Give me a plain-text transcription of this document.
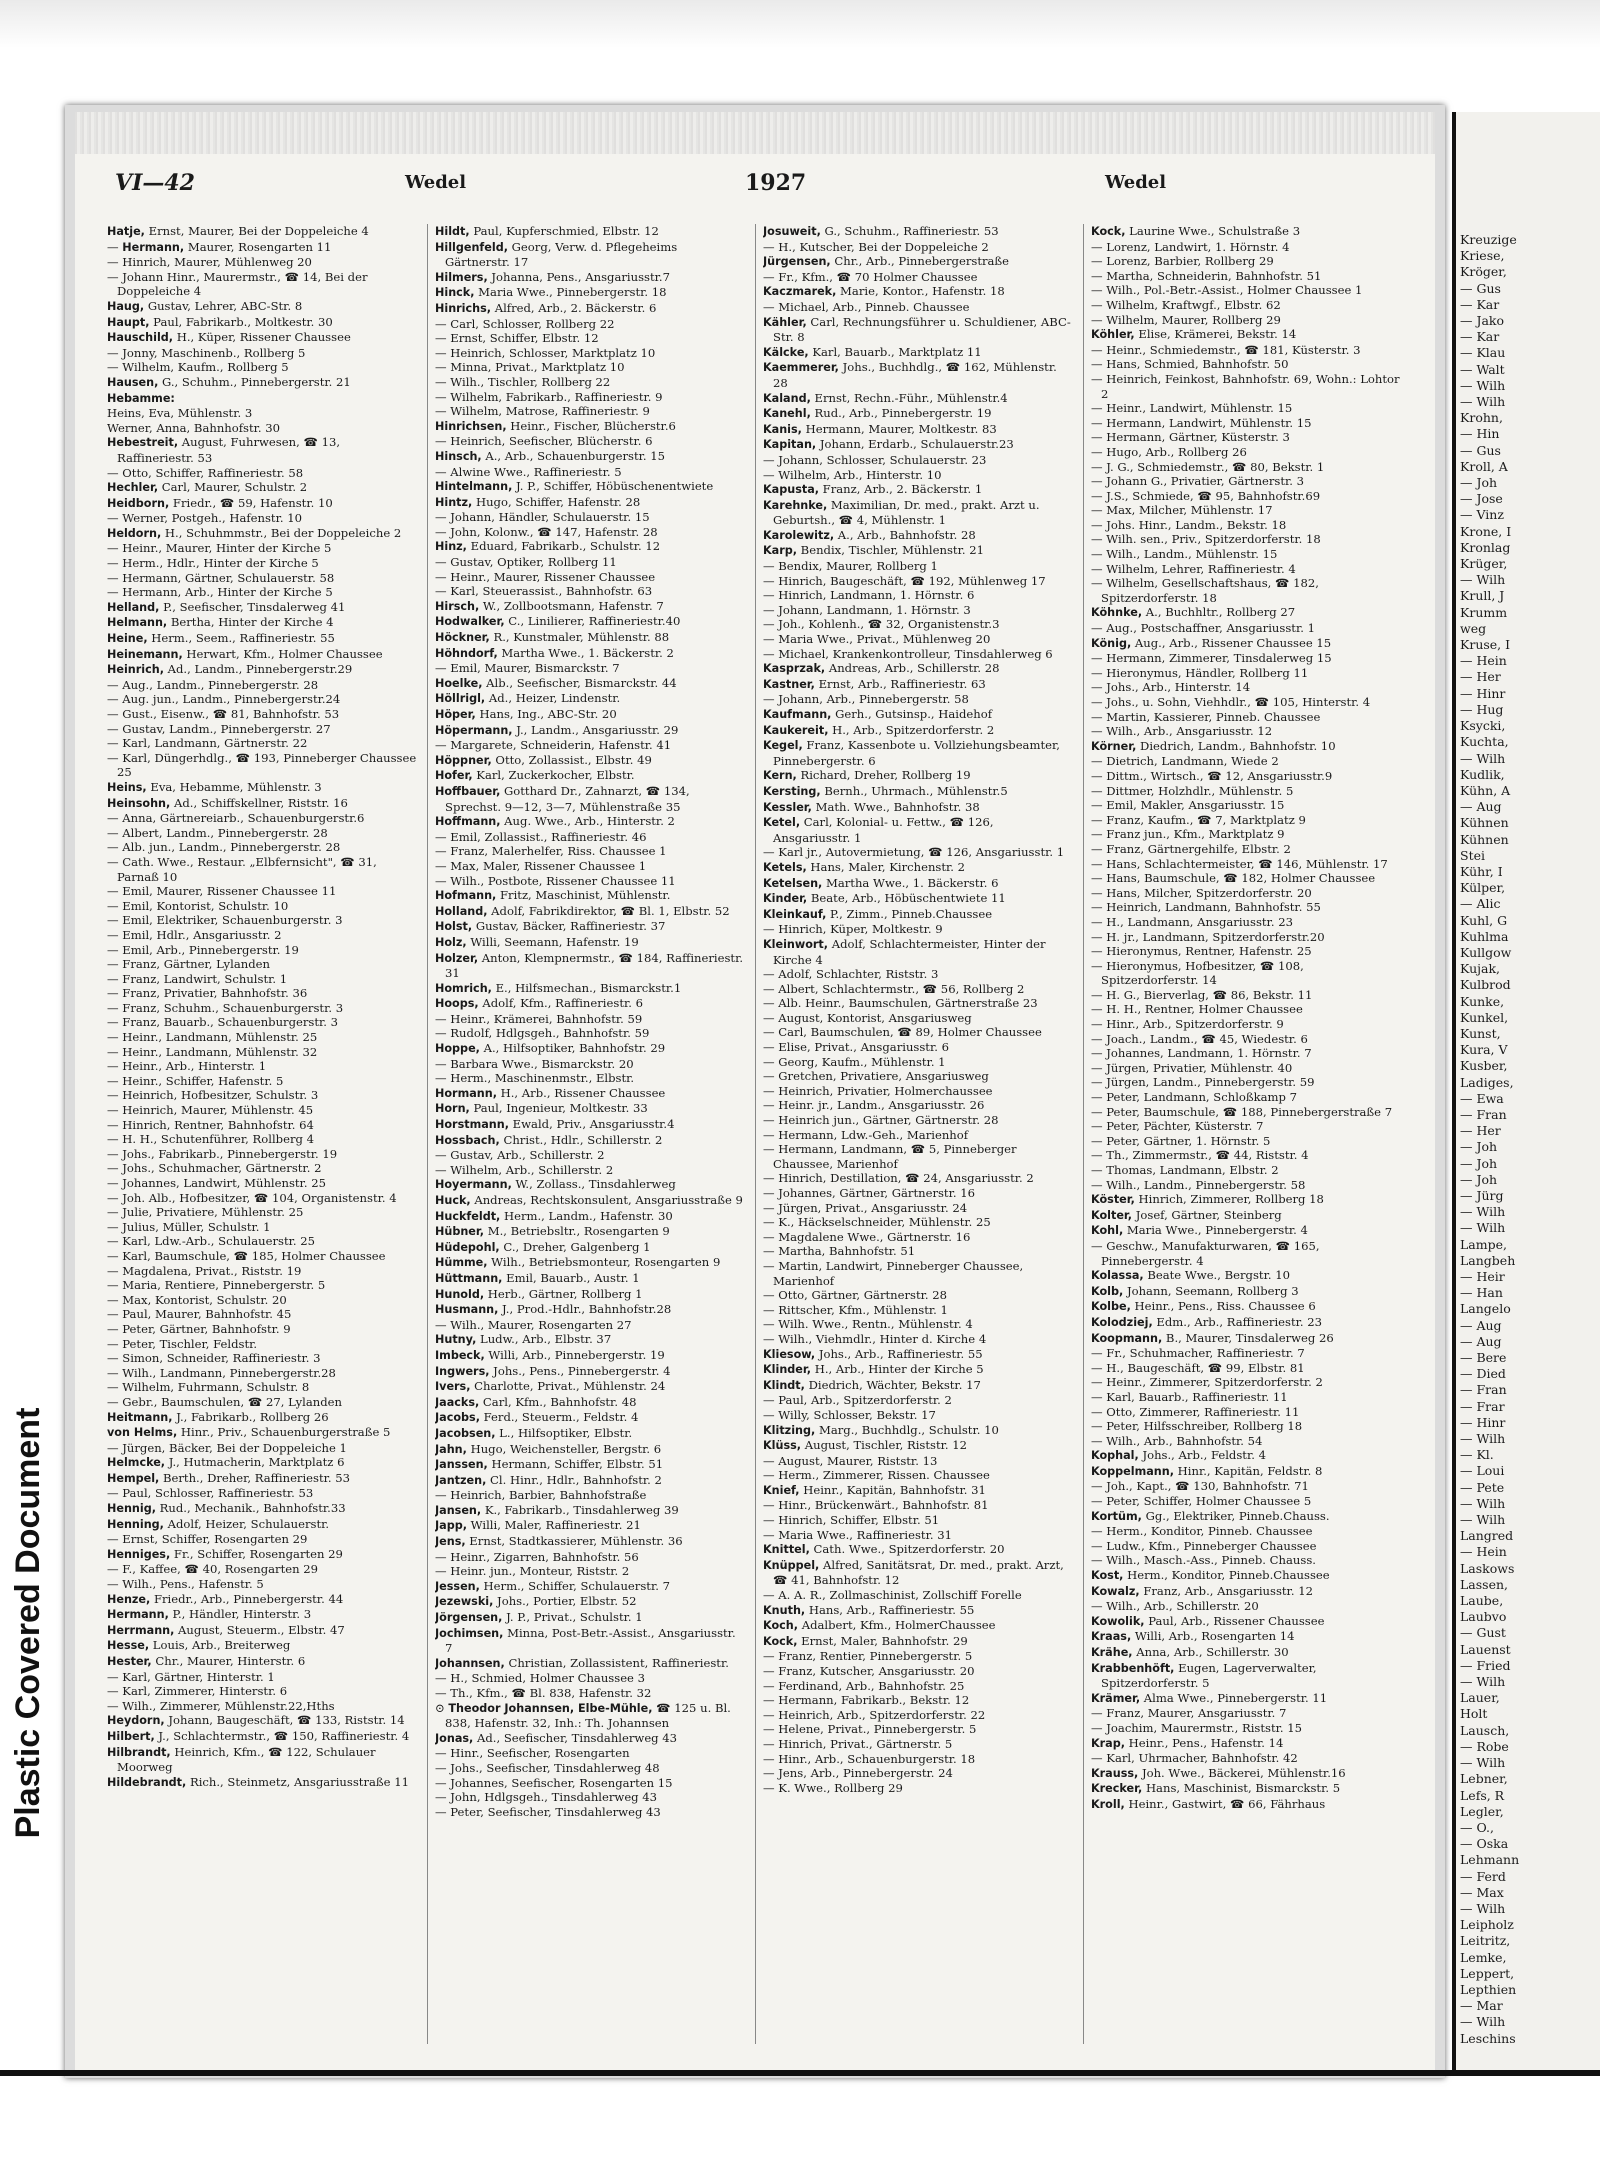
VI—42	Wedel	1927	Wedel

Hatje, Ernst, Maurer, Bei der Doppeleiche 4

— Hermann, Maurer, Rosengarten 11

— Hinrich, Maurer, Mühlenweg 20

— Johann Hinr., Maurermstr., ☎ 14, Bei der Doppeleiche 4

Haug, Gustav, Lehrer, ABC-Str. 8

Haupt, Paul, Fabrikarb., Moltkestr. 30

Hauschild, H., Küper, Rissener Chaussee

— Jonny, Maschinenb., Rollberg 5

— Wilhelm, Kaufm., Rollberg 5

Hausen, G., Schuhm., Pinnebergerstr. 21

Hebamme:

Heins, Eva, Mühlenstr. 3

Werner, Anna, Bahnhofstr. 30

Hebestreit, August, Fuhrwesen, ☎ 13, Raffineriestr. 53

— Otto, Schiffer, Raffineriestr. 58

Hechler, Carl, Maurer, Schulstr. 2

Heidborn, Friedr., ☎ 59, Hafenstr. 10

— Werner, Postgeh., Hafenstr. 10

Heldorn, H., Schuhmmstr., Bei der Doppeleiche 2

— Heinr., Maurer, Hinter der Kirche 5

— Herm., Hdlr., Hinter der Kirche 5

— Hermann, Gärtner, Schulauerstr. 58

— Hermann, Arb., Hinter der Kirche 5

Helland, P., Seefischer, Tinsdalerweg 41

Helmann, Bertha, Hinter der Kirche 4

Heine, Herm., Seem., Raffineriestr. 55

Heinemann, Herwart, Kfm., Holmer Chaussee

Heinrich, Ad., Landm., Pinnebergerstr.29

— Aug., Landm., Pinnebergerstr. 28

— Aug. jun., Landm., Pinnebergerstr.24

— Gust., Eisenw., ☎ 81, Bahnhofstr. 53

— Gustav, Landm., Pinnebergerstr. 27

— Karl, Landmann, Gärtnerstr. 22

— Karl, Düngerhdlg., ☎ 193, Pinneberger Chaussee 25

Heins, Eva, Hebamme, Mühlenstr. 3

Heinsohn, Ad., Schiffskellner, Riststr. 16

— Anna, Gärtnereiarb., Schauenburgerstr.6

— Albert, Landm., Pinnebergerstr. 28

— Alb. jun., Landm., Pinnebergerstr. 28

— Cath. Wwe., Restaur. „Elbfernsicht", ☎ 31, Parnaß 10

— Emil, Maurer, Rissener Chaussee 11

— Emil, Kontorist, Schulstr. 10

— Emil, Elektriker, Schauenburgerstr. 3

— Emil, Hdlr., Ansgariusstr. 2

— Emil, Arb., Pinnebergerstr. 19

— Franz, Gärtner, Lylanden

— Franz, Landwirt, Schulstr. 1

— Franz, Privatier, Bahnhofstr. 36

— Franz, Schuhm., Schauenburgerstr. 3

— Franz, Bauarb., Schauenburgerstr. 3

— Heinr., Landmann, Mühlenstr. 25

— Heinr., Landmann, Mühlenstr. 32

— Heinr., Arb., Hinterstr. 1

— Heinr., Schiffer, Hafenstr. 5

— Heinrich, Hofbesitzer, Schulstr. 3

— Heinrich, Maurer, Mühlenstr. 45

— Hinrich, Rentner, Bahnhofstr. 64

— H. H., Schutenführer, Rollberg 4

— Johs., Fabrikarb., Pinnebergerstr. 19

— Johs., Schuhmacher, Gärtnerstr. 2

— Johannes, Landwirt, Mühlenstr. 25

— Joh. Alb., Hofbesitzer, ☎ 104, Organistenstr. 4

— Julie, Privatiere, Mühlenstr. 25

— Julius, Müller, Schulstr. 1

— Karl, Ldw.-Arb., Schulauerstr. 25

— Karl, Baumschule, ☎ 185, Holmer Chaussee

— Magdalena, Privat., Riststr. 19

— Maria, Rentiere, Pinnebergerstr. 5

— Max, Kontorist, Schulstr. 20

— Paul, Maurer, Bahnhofstr. 45

— Peter, Gärtner, Bahnhofstr. 9

— Peter, Tischler, Feldstr.

— Simon, Schneider, Raffineriestr. 3

— Wilh., Landmann, Pinnebergerstr.28

— Wilhelm, Fuhrmann, Schulstr. 8

— Gebr., Baumschulen, ☎ 27, Lylanden

Heitmann, J., Fabrikarb., Rollberg 26

von Helms, Hinr., Priv., Schauenburgerstraße 5

— Jürgen, Bäcker, Bei der Doppeleiche 1

Helmcke, J., Hutmacherin, Marktplatz 6

Hempel, Berth., Dreher, Raffineriestr. 53

— Paul, Schlosser, Raffineriestr. 53

Hennig, Rud., Mechanik., Bahnhofstr.33

Henning, Adolf, Heizer, Schulauerstr.

— Ernst, Schiffer, Rosengarten 29

Henniges, Fr., Schiffer, Rosengarten 29

— F., Kaffee, ☎ 40, Rosengarten 29

— Wilh., Pens., Hafenstr. 5

Henze, Friedr., Arb., Pinnebergerstr. 44

Hermann, P., Händler, Hinterstr. 3

Herrmann, August, Steuerm., Elbstr. 47

Hesse, Louis, Arb., Breiterweg

Hester, Chr., Maurer, Hinterstr. 6

— Karl, Gärtner, Hinterstr. 1

— Karl, Zimmerer, Hinterstr. 6

— Wilh., Zimmerer, Mühlenstr.22,Hths

Heydorn, Johann, Baugeschäft, ☎ 133, Riststr. 14

Hilbert, J., Schlachtermstr., ☎ 150, Raffineriestr. 4

Hilbrandt, Heinrich, Kfm., ☎ 122, Schulauer Moorweg

Hildebrandt, Rich., Steinmetz, Ansgariusstraße 11

Hildt, Paul, Kupferschmied, Elbstr. 12

Hillgenfeld, Georg, Verw. d. Pflegeheims Gärtnerstr. 17

Hilmers, Johanna, Pens., Ansgariusstr.7

Hinck, Maria Wwe., Pinnebergerstr. 18

Hinrichs, Alfred, Arb., 2. Bäckerstr. 6

— Carl, Schlosser, Rollberg 22

— Ernst, Schiffer, Elbstr. 12

— Heinrich, Schlosser, Marktplatz 10

— Minna, Privat., Marktplatz 10

— Wilh., Tischler, Rollberg 22

— Wilhelm, Fabrikarb., Raffineriestr. 9

— Wilhelm, Matrose, Raffineriestr. 9

Hinrichsen, Heinr., Fischer, Blücherstr.6

— Heinrich, Seefischer, Blücherstr. 6

Hinsch, A., Arb., Schauenburgerstr. 15

— Alwine Wwe., Raffineriestr. 5

Hintelmann, J. P., Schiffer, Höbüschenentwiete

Hintz, Hugo, Schiffer, Hafenstr. 28

— Johann, Händler, Schulauerstr. 15

— John, Kolonw., ☎ 147, Hafenstr. 28

Hinz, Eduard, Fabrikarb., Schulstr. 12

— Gustav, Optiker, Rollberg 11

— Heinr., Maurer, Rissener Chaussee

— Karl, Steuerassist., Bahnhofstr. 63

Hirsch, W., Zollbootsmann, Hafenstr. 7

Hodwalker, C., Linilierer, Raffineriestr.40

Höckner, R., Kunstmaler, Mühlenstr. 88

Höhndorf, Martha Wwe., 1. Bäckerstr. 2

— Emil, Maurer, Bismarckstr. 7

Hoelke, Alb., Seefischer, Bismarckstr. 44

Höllrigl, Ad., Heizer, Lindenstr.

Höper, Hans, Ing., ABC-Str. 20

Höpermann, J., Landm., Ansgariusstr. 29

— Margarete, Schneiderin, Hafenstr. 41

Höppner, Otto, Zollassist., Elbstr. 49

Hofer, Karl, Zuckerkocher, Elbstr.

Hoffbauer, Gotthard Dr., Zahnarzt, ☎ 134, Sprechst. 9—12, 3—7, Mühlenstraße 35

Hoffmann, Aug. Wwe., Arb., Hinterstr. 2

— Emil, Zollassist., Raffineriestr. 46

— Franz, Malerhelfer, Riss. Chaussee 1

— Max, Maler, Rissener Chaussee 1

— Wilh., Postbote, Rissener Chaussee 11

Hofmann, Fritz, Maschinist, Mühlenstr.

Holland, Adolf, Fabrikdirektor, ☎ Bl. 1, Elbstr. 52

Holst, Gustav, Bäcker, Raffineriestr. 37

Holz, Willi, Seemann, Hafenstr. 19

Holzer, Anton, Klempnermstr., ☎ 184, Raffineriestr. 31

Homrich, E., Hilfsmechan., Bismarckstr.1

Hoops, Adolf, Kfm., Raffineriestr. 6

— Heinr., Krämerei, Bahnhofstr. 59

— Rudolf, Hdlgsgeh., Bahnhofstr. 59

Hoppe, A., Hilfsoptiker, Bahnhofstr. 29

— Barbara Wwe., Bismarckstr. 20

— Herm., Maschinenmstr., Elbstr.

Hormann, H., Arb., Rissener Chaussee

Horn, Paul, Ingenieur, Moltkestr. 33

Horstmann, Ewald, Priv., Ansgariusstr.4

Hossbach, Christ., Hdlr., Schillerstr. 2

— Gustav, Arb., Schillerstr. 2

— Wilhelm, Arb., Schillerstr. 2

Hoyermann, W., Zollass., Tinsdahlerweg

Huck, Andreas, Rechtskonsulent, Ansgariusstraße 9

Huckfeldt, Herm., Landm., Hafenstr. 30

Hübner, M., Betriebsltr., Rosengarten 9

Hüdepohl, C., Dreher, Galgenberg 1

Hümme, Wilh., Betriebsmonteur, Rosengarten 9

Hüttmann, Emil, Bauarb., Austr. 1

Hunold, Herb., Gärtner, Rollberg 1

Husmann, J., Prod.-Hdlr., Bahnhofstr.28

— Wilh., Maurer, Rosengarten 27

Hutny, Ludw., Arb., Elbstr. 37

Imbeck, Willi, Arb., Pinnebergerstr. 19

Ingwers, Johs., Pens., Pinnebergerstr. 4

Ivers, Charlotte, Privat., Mühlenstr. 24

Jaacks, Carl, Kfm., Bahnhofstr. 48

Jacobs, Ferd., Steuerm., Feldstr. 4

Jacobsen, L., Hilfsoptiker, Elbstr.

Jahn, Hugo, Weichensteller, Bergstr. 6

Janssen, Hermann, Schiffer, Elbstr. 51

Jantzen, Cl. Hinr., Hdlr., Bahnhofstr. 2

— Heinrich, Barbier, Bahnhofstraße

Jansen, K., Fabrikarb., Tinsdahlerweg 39

Japp, Willi, Maler, Raffineriestr. 21

Jens, Ernst, Stadtkassierer, Mühlenstr. 36

— Heinr., Zigarren, Bahnhofstr. 56

— Heinr. jun., Monteur, Riststr. 2

Jessen, Herm., Schiffer, Schulauerstr. 7

Jezewski, Johs., Portier, Elbstr. 52

Jörgensen, J. P., Privat., Schulstr. 1

Jochimsen, Minna, Post-Betr.-Assist., Ansgariusstr. 7

Johannsen, Christian, Zollassistent, Raffineriestr.

— H., Schmied, Holmer Chaussee 3

— Th., Kfm., ☎ Bl. 838, Hafenstr. 32

⊙ Theodor Johannsen, Elbe-Mühle, ☎ 125 u. Bl. 838, Hafenstr. 32, Inh.: Th. Johannsen

Jonas, Ad., Seefischer, Tinsdahlerweg 43

— Hinr., Seefischer, Rosengarten

— Johs., Seefischer, Tinsdahlerweg 48

— Johannes, Seefischer, Rosengarten 15

— John, Hdlgsgeh., Tinsdahlerweg 43

— Peter, Seefischer, Tinsdahlerweg 43

Josuweit, G., Schuhm., Raffineriestr. 53

— H., Kutscher, Bei der Doppeleiche 2

Jürgensen, Chr., Arb., Pinnebergerstraße

— Fr., Kfm., ☎ 70 Holmer Chaussee

Kaczmarek, Marie, Kontor., Hafenstr. 18

— Michael, Arb., Pinneb. Chaussee

Kähler, Carl, Rechnungsführer u. Schuldiener, ABC-Str. 8

Kälcke, Karl, Bauarb., Marktplatz 11

Kaemmerer, Johs., Buchhdlg., ☎ 162, Mühlenstr. 28

Kaland, Ernst, Rechn.-Führ., Mühlenstr.4

Kanehl, Rud., Arb., Pinnebergerstr. 19

Kanis, Hermann, Maurer, Moltkestr. 83

Kapitan, Johann, Erdarb., Schulauerstr.23

— Johann, Schlosser, Schulauerstr. 23

— Wilhelm, Arb., Hinterstr. 10

Kapusta, Franz, Arb., 2. Bäckerstr. 1

Karehnke, Maximilian, Dr. med., prakt. Arzt u. Geburtsh., ☎ 4, Mühlenstr. 1

Karolewitz, A., Arb., Bahnhofstr. 28

Karp, Bendix, Tischler, Mühlenstr. 21

— Bendix, Maurer, Rollberg 1

— Hinrich, Baugeschäft, ☎ 192, Mühlenweg 17

— Hinrich, Landmann, 1. Hörnstr. 6

— Johann, Landmann, 1. Hörnstr. 3

— Joh., Kohlenh., ☎ 32, Organistenstr.3

— Maria Wwe., Privat., Mühlenweg 20

— Michael, Krankenkontrolleur, Tinsdahlerweg 6

Kasprzak, Andreas, Arb., Schillerstr. 28

Kastner, Ernst, Arb., Raffineriestr. 63

— Johann, Arb., Pinnebergerstr. 58

Kaufmann, Gerh., Gutsinsp., Haidehof

Kaukereit, H., Arb., Spitzerdorferstr. 2

Kegel, Franz, Kassenbote u. Vollziehungsbeamter, Pinnebergerstr. 6

Kern, Richard, Dreher, Rollberg 19

Kersting, Bernh., Uhrmach., Mühlenstr.5

Kessler, Math. Wwe., Bahnhofstr. 38

Ketel, Carl, Kolonial- u. Fettw., ☎ 126, Ansgariusstr. 1

— Karl jr., Autovermietung, ☎ 126, Ansgariusstr. 1

Ketels, Hans, Maler, Kirchenstr. 2

Ketelsen, Martha Wwe., 1. Bäckerstr. 6

Kinder, Beate, Arb., Höbüschentwiete 11

Kleinkauf, P., Zimm., Pinneb.Chaussee

— Hinrich, Küper, Moltkestr. 9

Kleinwort, Adolf, Schlachtermeister, Hinter der Kirche 4

— Adolf, Schlachter, Riststr. 3

— Albert, Schlachtermstr., ☎ 56, Rollberg 2

— Alb. Heinr., Baumschulen, Gärtnerstraße 23

— August, Kontorist, Ansgariusweg

— Carl, Baumschulen, ☎ 89, Holmer Chaussee

— Elise, Privat., Ansgariusstr. 6

— Georg, Kaufm., Mühlenstr. 1

— Gretchen, Privatiere, Ansgariusweg

— Heinrich, Privatier, Holmerchaussee

— Heinr. jr., Landm., Ansgariusstr. 26

— Heinrich jun., Gärtner, Gärtnerstr. 28

— Hermann, Ldw.-Geh., Marienhof

— Hermann, Landmann, ☎ 5, Pinneberger Chaussee, Marienhof

— Hinrich, Destillation, ☎ 24, Ansgariusstr. 2

— Johannes, Gärtner, Gärtnerstr. 16

— Jürgen, Privat., Ansgariusstr. 24

— K., Häckselschneider, Mühlenstr. 25

— Magdalene Wwe., Gärtnerstr. 16

— Martha, Bahnhofstr. 51

— Martin, Landwirt, Pinneberger Chaussee, Marienhof

— Otto, Gärtner, Gärtnerstr. 28

— Rittscher, Kfm., Mühlenstr. 1

— Wilh. Wwe., Rentn., Mühlenstr. 4

— Wilh., Viehmdlr., Hinter d. Kirche 4

Kliesow, Johs., Arb., Raffineriestr. 55

Klinder, H., Arb., Hinter der Kirche 5

Klindt, Diedrich, Wächter, Bekstr. 17

— Paul, Arb., Spitzerdorferstr. 2

— Willy, Schlosser, Bekstr. 17

Klitzing, Marg., Buchhdlg., Schulstr. 10

Klüss, August, Tischler, Riststr. 12

— August, Maurer, Riststr. 13

— Herm., Zimmerer, Rissen. Chaussee

Knief, Heinr., Kapitän, Bahnhofstr. 31

— Hinr., Brückenwärt., Bahnhofstr. 81

— Hinrich, Schiffer, Elbstr. 51

— Maria Wwe., Raffineriestr. 31

Knittel, Cath. Wwe., Spitzerdorferstr. 20

Knüppel, Alfred, Sanitätsrat, Dr. med., prakt. Arzt, ☎ 41, Bahnhofstr. 12

— A. A. R., Zollmaschinist, Zollschiff Forelle

Knuth, Hans, Arb., Raffineriestr. 55

Koch, Adalbert, Kfm., HolmerChaussee

Kock, Ernst, Maler, Bahnhofstr. 29

— Franz, Rentier, Pinnebergerstr. 5

— Franz, Kutscher, Ansgariusstr. 20

— Ferdinand, Arb., Bahnhofstr. 25

— Hermann, Fabrikarb., Bekstr. 12

— Heinrich, Arb., Spitzerdorferstr. 22

— Helene, Privat., Pinnebergerstr. 5

— Hinrich, Privat., Gärtnerstr. 5

— Hinr., Arb., Schauenburgerstr. 18

— Jens, Arb., Pinnebergerstr. 24

— K. Wwe., Rollberg 29

Kock, Laurine Wwe., Schulstraße 3

— Lorenz, Landwirt, 1. Hörnstr. 4

— Lorenz, Barbier, Rollberg 29

— Martha, Schneiderin, Bahnhofstr. 51

— Wilh., Pol.-Betr.-Assist., Holmer Chaussee 1

— Wilhelm, Kraftwgf., Elbstr. 62

— Wilhelm, Maurer, Rollberg 29

Köhler, Elise, Krämerei, Bekstr. 14

— Heinr., Schmiedemstr., ☎ 181, Küsterstr. 3

— Hans, Schmied, Bahnhofstr. 50

— Heinrich, Feinkost, Bahnhofstr. 69, Wohn.: Lohtor 2

— Heinr., Landwirt, Mühlenstr. 15

— Hermann, Landwirt, Mühlenstr. 15

— Hermann, Gärtner, Küsterstr. 3

— Hugo, Arb., Rollberg 26

— J. G., Schmiedemstr., ☎ 80, Bekstr. 1

— Johann G., Privatier, Gärtnerstr. 3

— J.S., Schmiede, ☎ 95, Bahnhofstr.69

— Max, Milcher, Mühlenstr. 17

— Johs. Hinr., Landm., Bekstr. 18

— Wilh. sen., Priv., Spitzerdorferstr. 18

— Wilh., Landm., Mühlenstr. 15

— Wilhelm, Lehrer, Raffineriestr. 4

— Wilhelm, Gesellschaftshaus, ☎ 182, Spitzerdorferstr. 18

Köhnke, A., Buchhltr., Rollberg 27

— Aug., Postschaffner, Ansgariusstr. 1

König, Aug., Arb., Rissener Chaussee 15

— Hermann, Zimmerer, Tinsdalerweg 15

— Hieronymus, Händler, Rollberg 11

— Johs., Arb., Hinterstr. 14

— Johs., u. Sohn, Viehhdlr., ☎ 105, Hinterstr. 4

— Martin, Kassierer, Pinneb. Chaussee

— Wilh., Arb., Ansgariusstr. 12

Körner, Diedrich, Landm., Bahnhofstr. 10

— Dietrich, Landmann, Wiede 2

— Dittm., Wirtsch., ☎ 12, Ansgariusstr.9

— Dittmer, Holzhdlr., Mühlenstr. 5

— Emil, Makler, Ansgariusstr. 15

— Franz, Kaufm., ☎ 7, Marktplatz 9

— Franz jun., Kfm., Marktplatz 9

— Franz, Gärtnergehilfe, Elbstr. 2

— Hans, Schlachtermeister, ☎ 146, Mühlenstr. 17

— Hans, Baumschule, ☎ 182, Holmer Chaussee

— Hans, Milcher, Spitzerdorferstr. 20

— Heinrich, Landmann, Bahnhofstr. 55

— H., Landmann, Ansgariusstr. 23

— H. jr., Landmann, Spitzerdorferstr.20

— Hieronymus, Rentner, Hafenstr. 25

— Hieronymus, Hofbesitzer, ☎ 108, Spitzerdorferstr. 14

— H. G., Bierverlag, ☎ 86, Bekstr. 11

— H. H., Rentner, Holmer Chaussee

— Hinr., Arb., Spitzerdorferstr. 9

— Joach., Landm., ☎ 45, Wiedestr. 6

— Johannes, Landmann, 1. Hörnstr. 7

— Jürgen, Privatier, Mühlenstr. 40

— Jürgen, Landm., Pinnebergerstr. 59

— Peter, Landmann, Schloßkamp 7

— Peter, Baumschule, ☎ 188, Pinnebergerstraße 7

— Peter, Pächter, Küsterstr. 7

— Peter, Gärtner, 1. Hörnstr. 5

— Th., Zimmermstr., ☎ 44, Riststr. 4

— Thomas, Landmann, Elbstr. 2

— Wilh., Landm., Pinnebergerstr. 58

Köster, Hinrich, Zimmerer, Rollberg 18

Kolter, Josef, Gärtner, Steinberg

Kohl, Maria Wwe., Pinnebergerstr. 4

— Geschw., Manufakturwaren, ☎ 165, Pinnebergerstr. 4

Kolassa, Beate Wwe., Bergstr. 10

Kolb, Johann, Seemann, Rollberg 3

Kolbe, Heinr., Pens., Riss. Chaussee 6

Kolodziej, Edm., Arb., Raffineriestr. 23

Koopmann, B., Maurer, Tinsdalerweg 26

— Fr., Schuhmacher, Raffineriestr. 7

— H., Baugeschäft, ☎ 99, Elbstr. 81

— Heinr., Zimmerer, Spitzerdorferstr. 2

— Karl, Bauarb., Raffineriestr. 11

— Otto, Zimmerer, Raffineriestr. 11

— Peter, Hilfsschreiber, Rollberg 18

— Wilh., Arb., Bahnhofstr. 54

Kophal, Johs., Arb., Feldstr. 4

Koppelmann, Hinr., Kapitän, Feldstr. 8

— Joh., Kapt., ☎ 130, Bahnhofstr. 71

— Peter, Schiffer, Holmer Chaussee 5

Kortüm, Gg., Elektriker, Pinneb.Chauss.

— Herm., Konditor, Pinneb. Chaussee

— Ludw., Kfm., Pinneberger Chaussee

— Wilh., Masch.-Ass., Pinneb. Chauss.

Kost, Herm., Konditor, Pinneb.Chaussee

Kowalz, Franz, Arb., Ansgariusstr. 12

— Wilh., Arb., Schillerstr. 20

Kowolik, Paul, Arb., Rissener Chaussee

Kraas, Willi, Arb., Rosengarten 14

Krähe, Anna, Arb., Schillerstr. 30

Krabbenhöft, Eugen, Lagerverwalter, Spitzerdorferstr. 5

Krämer, Alma Wwe., Pinnebergerstr. 11

— Franz, Maurer, Ansgariusstr. 7

— Joachim, Maurermstr., Riststr. 15

Krap, Heinr., Pens., Hafenstr. 14

— Karl, Uhrmacher, Bahnhofstr. 42

Krauss, Joh. Wwe., Bäckerei, Mühlenstr.16

Krecker, Hans, Maschinist, Bismarckstr. 5

Kroll, Heinr., Gastwirt, ☎ 66, Fährhaus

Kreuzige
Kriese,
Kröger,
— Gus
— Kar
— Jako
— Kar
— Klau
— Walt
— Wilh
— Wilh
Krohn,
— Hin
— Gus
Kroll, A
— Joh
— Jose
— Vinz
Krone, I
Kronlag
Krüger,
— Wilh
Krull, J
Krumm
weg
Kruse, I
— Hein
— Her
— Hinr
— Hug
Ksycki,
Kuchta,
— Wilh
Kudlik,
Kühn, A
— Aug
Kühnen
Kühnen
Stei
Kühr, I
Külper,
— Alic
Kuhl, G
Kuhlma
Kullgow
Kujak,
Kulbrod
Kunke,
Kunkel,
Kunst,
Kura, V
Kusber,
Ladiges,
— Ewa
— Fran
— Her
— Joh
— Joh
— Joh
— Jürg
— Wilh
— Wilh
Lampe,
Langbeh
— Heir
— Han
Langelo
— Aug
— Aug
— Bere
— Died
— Fran
— Frar
— Hinr
— Wilh
— Kl.
— Loui
— Pete
— Wilh
— Wilh
Langred
— Hein
Laskows
Lassen,
Laube,
Laubvo
— Gust
Lauenst
— Fried
— Wilh
Lauer,
Holt
Lausch,
— Robe
— Wilh
Lebner,
Lefs, R
Legler,
— O.,
— Oska
Lehmann
— Ferd
— Max
— Wilh
Leipholz
Leitritz,
Lemke,
Leppert,
Lepthien
— Mar
— Wilh
Leschins
Plastic Covered Document
